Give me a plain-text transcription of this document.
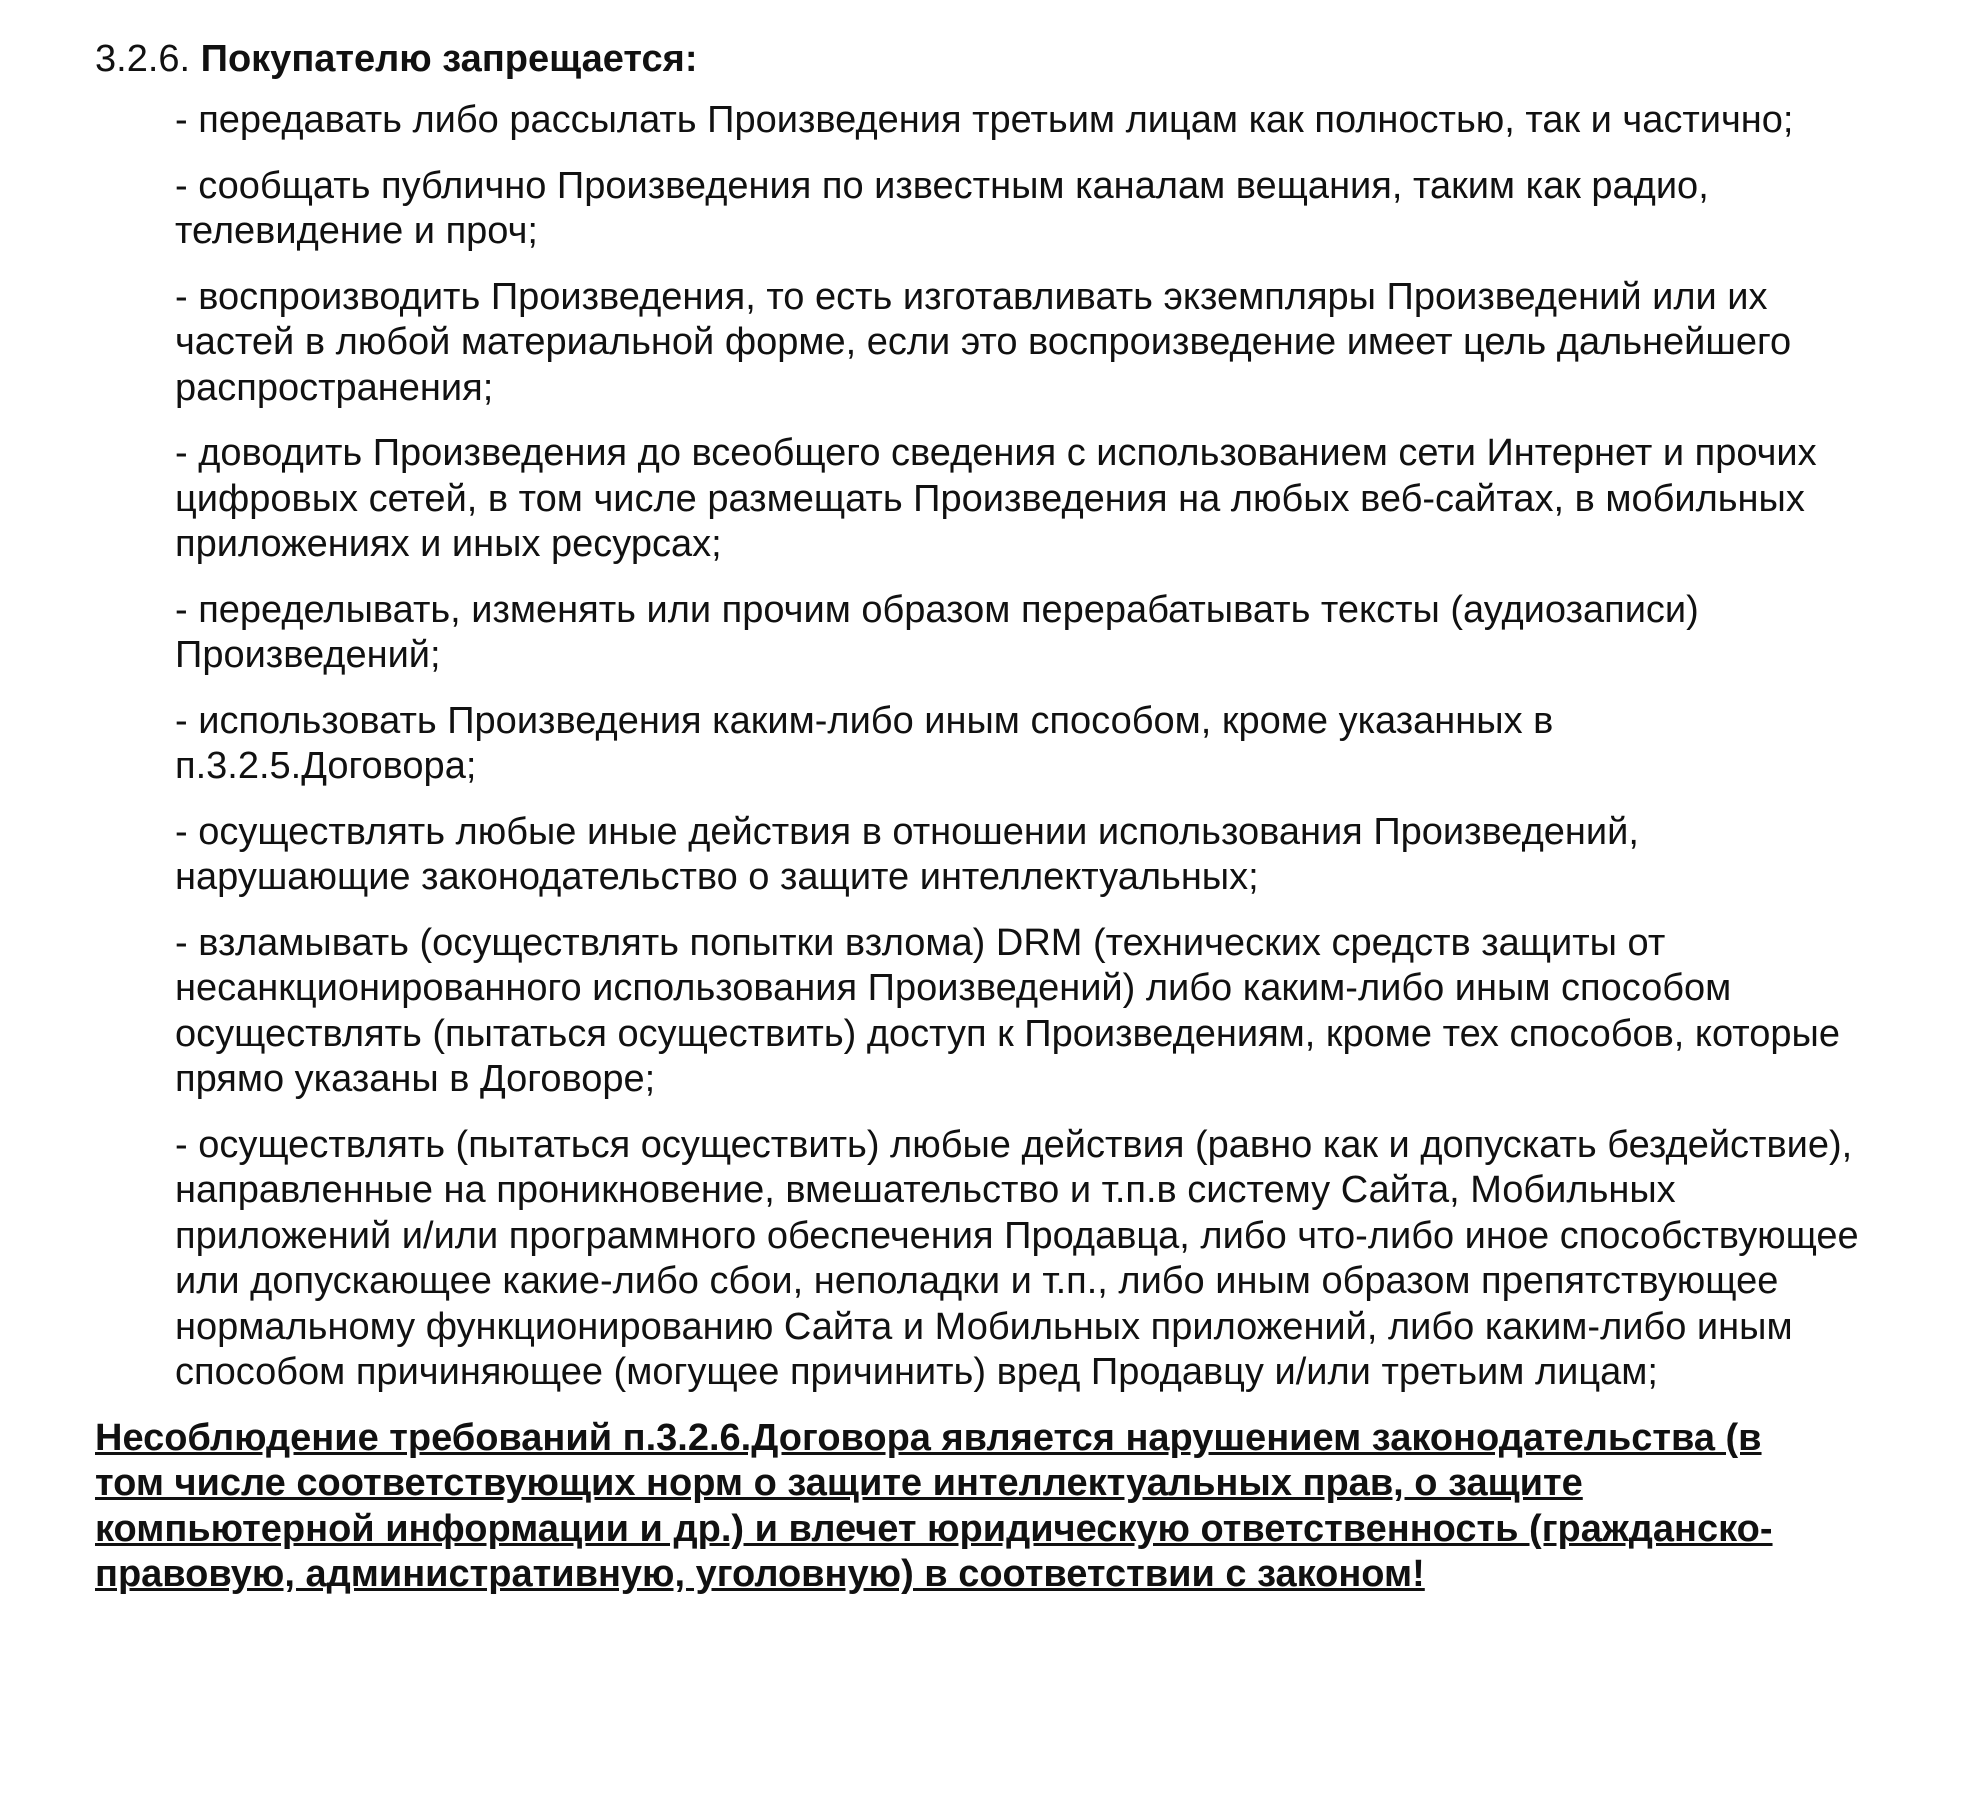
3.2.6. Покупателю запрещается:
- передавать либо рассылать Произведения третьим лицам как полностью, так и частично;
- сообщать публично Произведения по известным каналам вещания, таким как радио, телевидение и проч;
- воспроизводить Произведения, то есть изготавливать экземпляры Произведений или их частей в любой материальной форме, если это воспроизведение имеет цель дальнейшего распространения;
- доводить Произведения до всеобщего сведения с использованием сети Интернет и прочих цифровых сетей, в том числе размещать Произведения на любых веб-сайтах, в мобильных приложениях и иных ресурсах;
- переделывать, изменять или прочим образом перерабатывать тексты (аудиозаписи) Произведений;
- использовать Произведения каким-либо иным способом, кроме указанных в п.3.2.5.Договора;
- осуществлять любые иные действия в отношении использования Произведений, нарушающие законодательство о защите интеллектуальных;
- взламывать (осуществлять попытки взлома) DRM (технических средств защиты от несанкционированного использования Произведений) либо каким-либо иным способом осуществлять (пытаться осуществить) доступ к Произведениям, кроме тех способов, которые прямо указаны в Договоре;
- осуществлять (пытаться осуществить) любые действия (равно как и допускать бездействие), направленные на проникновение, вмешательство и т.п.в систему Сайта, Мобильных приложений и/или программного обеспечения Продавца, либо что-либо иное способствующее или допускающее какие-либо сбои, неполадки и т.п., либо иным образом препятствующее нормальному функционированию Сайта и Мобильных приложений, либо каким-либо иным способом причиняющее (могущее причинить) вред Продавцу и/или третьим лицам;
Несоблюдение требований п.3.2.6.Договора является нарушением законодательства (в том числе соответствующих норм о защите интеллектуальных прав, о защите компьютерной информации и др.) и влечет юридическую ответственность (гражданско-правовую, административную, уголовную) в соответствии с законом!
